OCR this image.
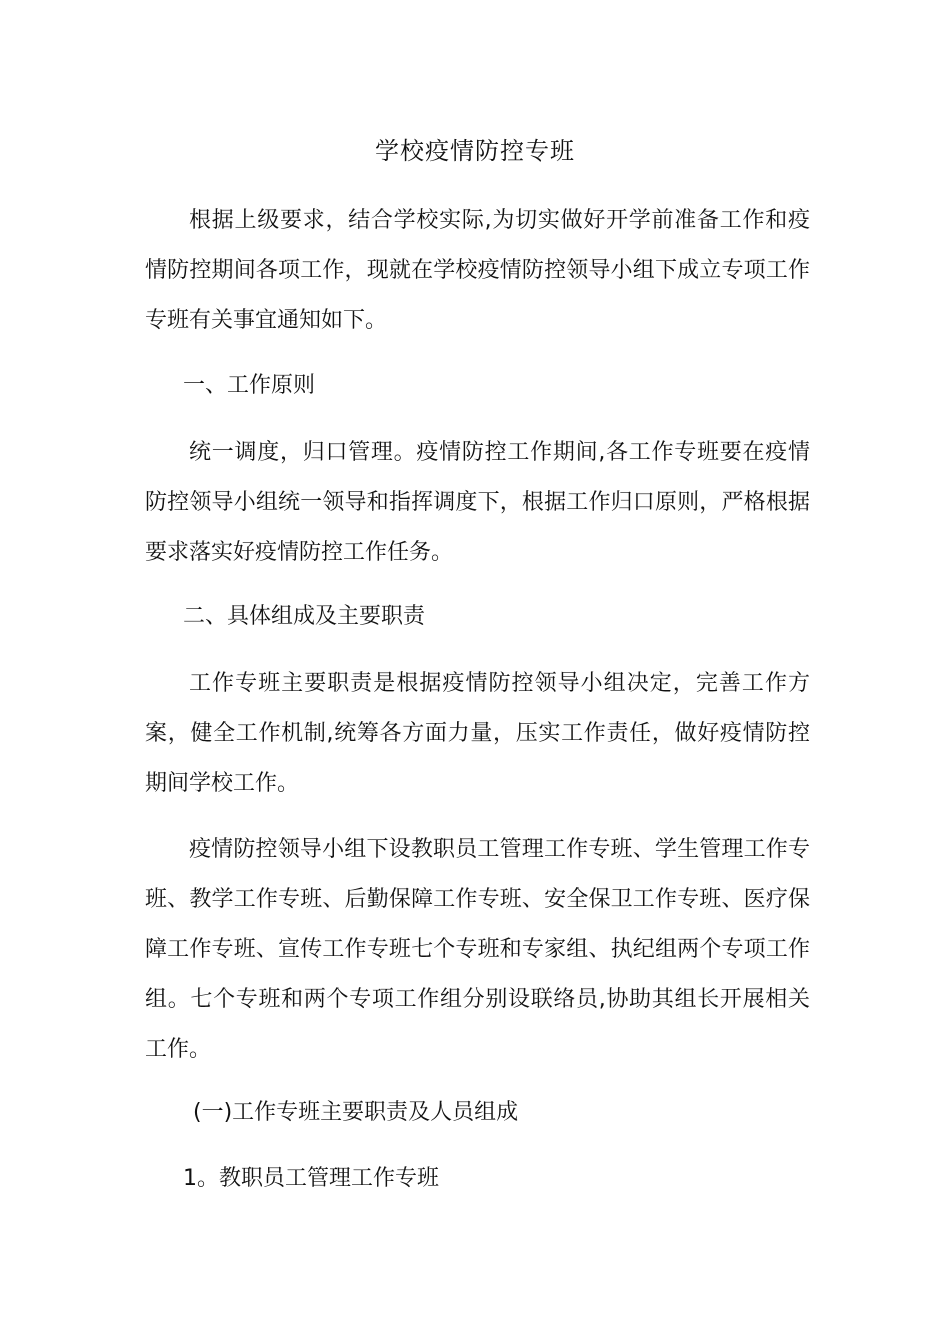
学校疫情防控专班

根据上级要求，结合学校实际,为切实做好开学前准备工作和疫情防控期间各项工作，现就在学校疫情防控领导小组下成立专项工作专班有关事宜通知如下。

一、工作原则

统一调度，归口管理。疫情防控工作期间,各工作专班要在疫情防控领导小组统一领导和指挥调度下，根据工作归口原则，严格根据要求落实好疫情防控工作任务。

二、具体组成及主要职责

工作专班主要职责是根据疫情防控领导小组决定，完善工作方案，健全工作机制,统筹各方面力量，压实工作责任，做好疫情防控期间学校工作。

疫情防控领导小组下设教职员工管理工作专班、学生管理工作专班、教学工作专班、后勤保障工作专班、安全保卫工作专班、医疗保障工作专班、宣传工作专班七个专班和专家组、执纪组两个专项工作组。七个专班和两个专项工作组分别设联络员,协助其组长开展相关工作。

(一)工作专班主要职责及人员组成
1。教职员工管理工作专班
